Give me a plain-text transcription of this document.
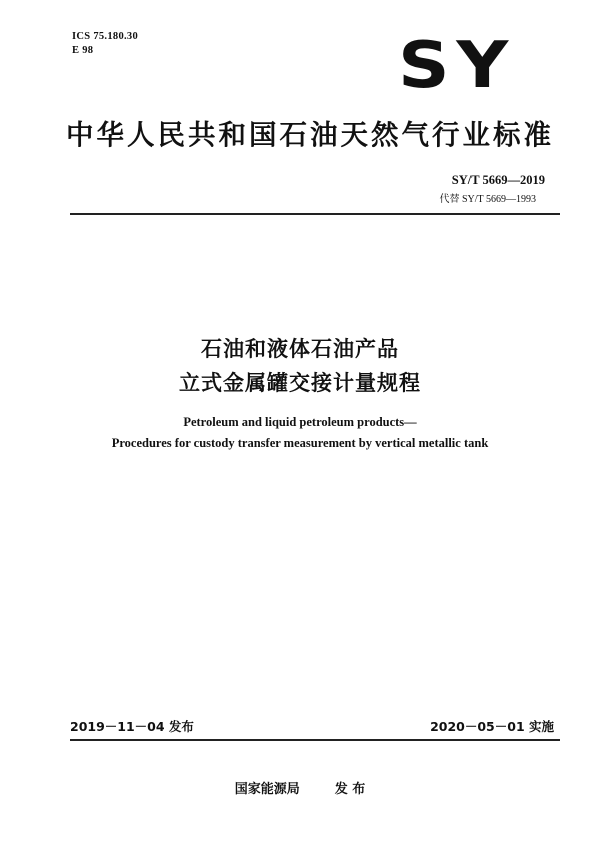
ICS 75.180.30
E 98	SY
中华人民共和国石油天然气行业标准
SY/T 5669—2019
代替 SY/T 5669—1993
石油和液体石油产品
立式金属罐交接计量规程
Petroleum and liquid petroleum products—
Procedures for custody transfer measurement by vertical metallic tank
2019－11－04 发布	2020－05－01 实施
国家能源局	发 布
